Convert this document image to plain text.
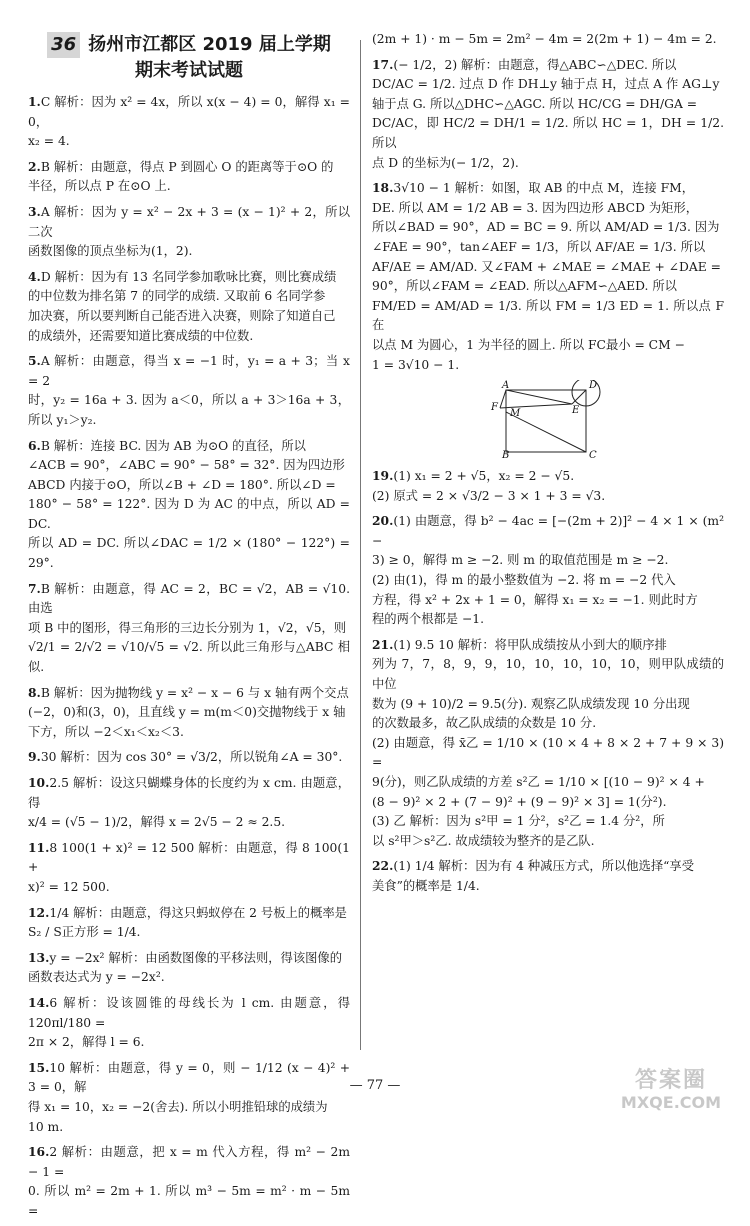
36 扬州市江都区 2019 届上学期
期末考试试题
1.C 解析：因为 x² = 4x，所以 x(x − 4) = 0，解得 x₁ = 0，

x₂ = 4.
2.B 解析：由题意，得点 P 到圆心 O 的距离等于⊙O 的

半径，所以点 P 在⊙O 上.
3.A 解析：因为 y = x² − 2x + 3 = (x − 1)² + 2，所以二次

函数图像的顶点坐标为(1，2).
4.D 解析：因为有 13 名同学参加歌咏比赛，则比赛成绩

的中位数为排名第 7 的同学的成绩. 又取前 6 名同学参
加决赛，所以要判断自己能否进入决赛，则除了知道自己
的成绩外，还需要知道比赛成绩的中位数.
5.A 解析：由题意，得当 x = −1 时，y₁ = a + 3；当 x = 2

时，y₂ = 16a + 3. 因为 a＜0，所以 a + 3＞16a + 3，所以 y₁＞y₂.
6.B 解析：连接 BC. 因为 AB 为⊙O 的直径，所以

∠ACB = 90°，∠ABC = 90° − 58° = 32°. 因为四边形
ABCD 内接于⊙O，所以∠B + ∠D = 180°. 所以∠D =
180° − 58° = 122°. 因为 D 为 AC 的中点，所以 AD = DC.
所以 AD = DC. 所以∠DAC = 1/2 × (180° − 122°) = 29°.
7.B 解析：由题意，得 AC = 2，BC = √2，AB = √10. 由选

项 B 中的图形，得三角形的三边长分别为 1，√2，√5，则
√2/1 = 2/√2 = √10/√5 = √2. 所以此三角形与△ABC 相似.
8.B 解析：因为抛物线 y = x² − x − 6 与 x 轴有两个交点

(−2，0)和(3，0)，且直线 y = m(m＜0)交抛物线于 x 轴
下方，所以 −2＜x₁＜x₂＜3.
9.30 解析：因为 cos 30° = √3/2，所以锐角∠A = 30°.
10.2.5 解析：设这只蝴蝶身体的长度约为 x cm. 由题意，得

x/4 = (√5 − 1)/2，解得 x = 2√5 − 2 ≈ 2.5.
11.8 100(1 + x)² = 12 500 解析：由题意，得 8 100(1 +

x)² = 12 500.
12.1/4 解析：由题意，得这只蚂蚁停在 2 号板上的概率是

S₂ / S正方形 = 1/4.
13.y = −2x² 解析：由函数图像的平移法则，得该图像的

函数表达式为 y = −2x².
14.6 解析：设该圆锥的母线长为 l cm. 由题意，得 120πl/180 =

2π × 2，解得 l = 6.
15.10 解析：由题意，得 y = 0，则 − 1/12 (x − 4)² + 3 = 0，解

得 x₁ = 10，x₂ = −2(舍去). 所以小明推铅球的成绩为
10 m.
16.2 解析：由题意，把 x = m 代入方程，得 m² − 2m − 1 =

0. 所以 m² = 2m + 1. 所以 m³ − 5m = m² · m − 5m =
(2m + 1) · m − 5m = 2m² − 4m = 2(2m + 1) − 4m = 2.
17.(− 1/2，2) 解析：由题意，得△ABC∽△DEC. 所以

DC/AC = 1/2. 过点 D 作 DH⊥y 轴于点 H，过点 A 作 AG⊥y
轴于点 G. 所以△DHC∽△AGC. 所以 HC/CG = DH/GA =
DC/AC，即 HC/2 = DH/1 = 1/2. 所以 HC = 1，DH = 1/2. 所以
点 D 的坐标为(− 1/2，2).
18.3√10 − 1 解析：如图，取 AB 的中点 M，连接 FM，

DE. 所以 AM = 1/2 AB = 3. 因为四边形 ABCD 为矩形，
所以∠BAD = 90°，AD = BC = 9. 所以 AM/AD = 1/3. 因为
∠FAE = 90°，tan∠AEF = 1/3，所以 AF/AE = 1/3. 所以
AF/AE = AM/AD. 又∠FAM + ∠MAE = ∠MAE + ∠DAE =
90°，所以∠FAM = ∠EAD. 所以△AFM∽△AED. 所以
FM/ED = AM/AD = 1/3. 所以 FM = 1/3 ED = 1. 所以点 F 在
以点 M 为圆心，1 为半径的圆上. 所以 FC最小 = CM −
1 = 3√10 − 1.
A	D
F
M	E
B	C
19.(1) x₁ = 2 + √5，x₂ = 2 − √5.

(2) 原式 = 2 × √3/2 − 3 × 1 + 3 = √3.
20.(1) 由题意，得 b² − 4ac = [−(2m + 2)]² − 4 × 1 × (m² −

3) ≥ 0，解得 m ≥ −2. 则 m 的取值范围是 m ≥ −2.
(2) 由(1)，得 m 的最小整数值为 −2. 将 m = −2 代入
方程，得 x² + 2x + 1 = 0，解得 x₁ = x₂ = −1. 则此时方
程的两个根都是 −1.
21.(1) 9.5 10 解析：将甲队成绩按从小到大的顺序排

列为 7，7，8，9，9，10，10，10，10，10，则甲队成绩的中位
数为 (9 + 10)/2 = 9.5(分). 观察乙队成绩发现 10 分出现
的次数最多，故乙队成绩的众数是 10 分.
(2) 由题意，得 x̄乙 = 1/10 × (10 × 4 + 8 × 2 + 7 + 9 × 3) =
9(分)，则乙队成绩的方差 s²乙 = 1/10 × [(10 − 9)² × 4 +
(8 − 9)² × 2 + (7 − 9)² + (9 − 9)² × 3] = 1(分²).
(3) 乙 解析：因为 s²甲 = 1 分²，s²乙 = 1.4 分²，所
以 s²甲＞s²乙. 故成绩较为整齐的是乙队.
22.(1) 1/4 解析：因为有 4 种减压方式，所以他选择“享受

美食”的概率是 1/4.
— 77 —	答案圈
MXQE.COM
